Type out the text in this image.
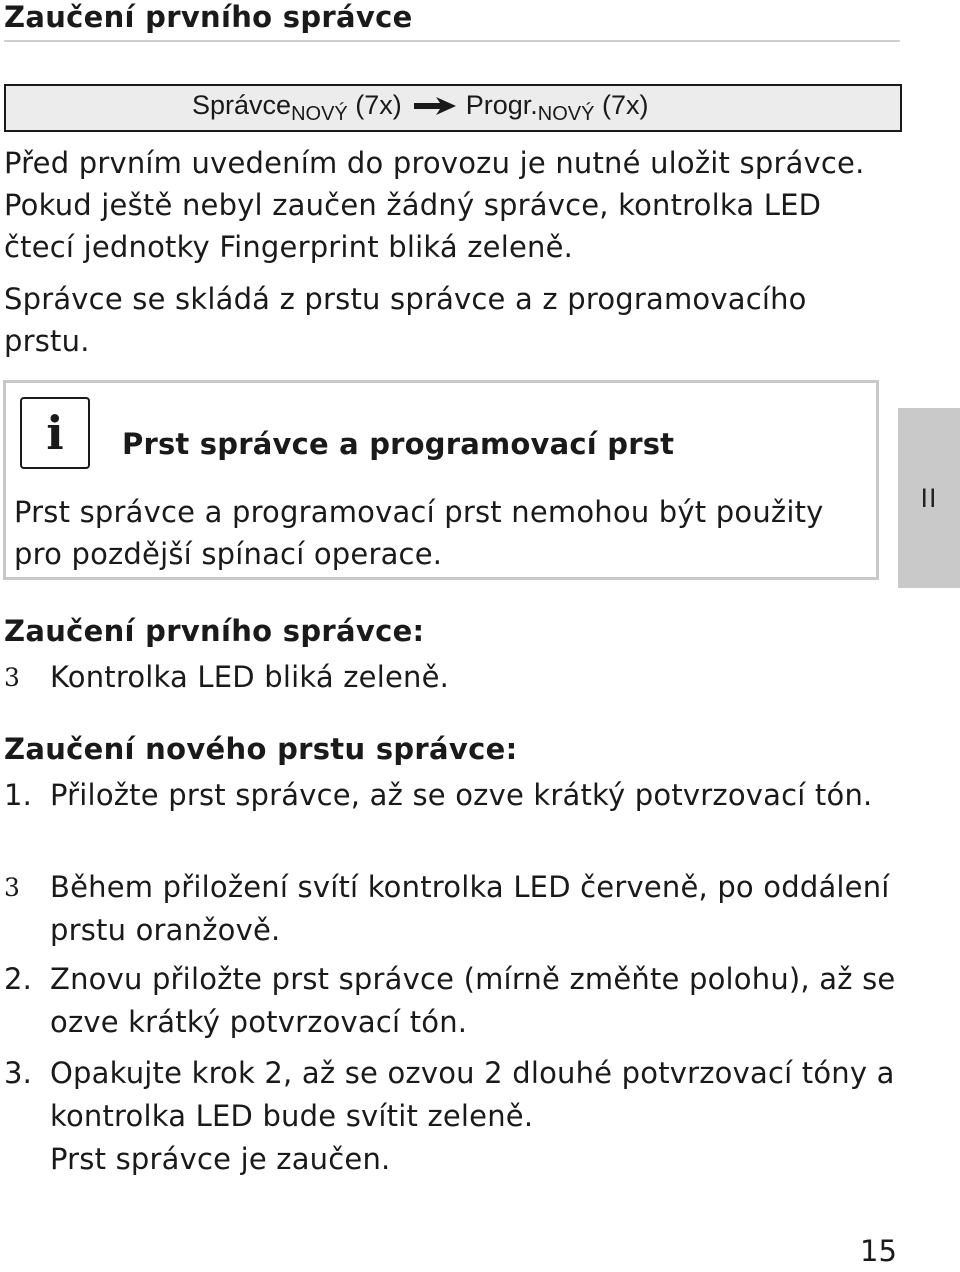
Zaučení prvního správce
Správce$_{NOVÝ}$ (7x) $Progr._{NOVÝ}$ (7x)
Před prvním uvedením do provozu je nutné uložit správce. Pokud ještě nebyl zaučen žádný správce, kontrolka LED čtecí jednotky Fingerprint bliká zeleně.
Správce se skládá z prstu správce a z programovacího prstu.
i	Prst správce a programovací prst
Prst správce a programovací prst nemohou být použity pro pozdější spínací operace.
II
Zaučení prvního správce:
3	Kontrolka LED bliká zeleně.
Zaučení nového prstu správce:
1. Přiložte prst správce, až se ozve krátký potvrzovací tón.
3	Během přiložení svítí kontrolka LED červeně, po oddálení prstu oranžově.
2. Znovu přiložte prst správce (mírně změňte polohu), až se ozve krátký potvrzovací tón.
3. Opakujte krok 2, až se ozvou 2 dlouhé potvrzovací tóny a kontrolka LED bude svítit zeleně.
Prst správce je zaučen.
15
